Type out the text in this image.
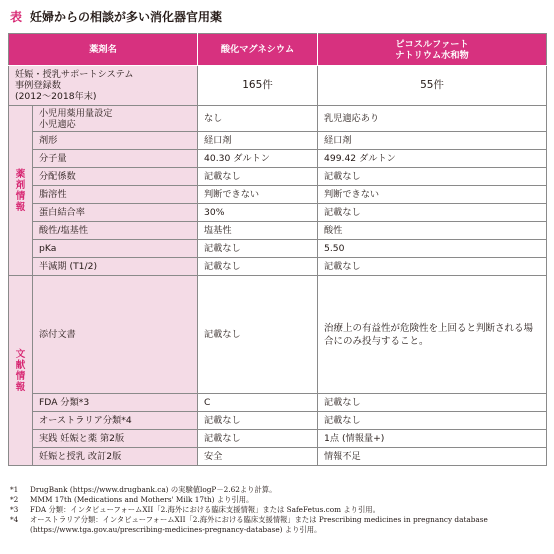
表 妊婦からの相談が多い消化器官用薬
薬剤名		酸化マグネシウム	ピコスルファート
ナトリウム水和物

妊娠・授乳サポートシステム
事例登録数
(2012～2018年末)		165件	55件
薬剤情報	小児用薬用量設定
小児適応	なし	乳児適応あり
	剤形	経口剤	経口剤
	分子量	40.30 ダルトン	499.42 ダルトン
	分配係数	記載なし	記載なし
	脂溶性	判断できない	判断できない
	蛋白結合率	30%	記載なし
	酸性/塩基性	塩基性	酸性
	pKa	記載なし	5.50
	半減期 (T1/2)	記載なし	記載なし
文献情報	添付文書	記載なし	治療上の有益性が危険性を上回ると判断される場合にのみ投与すること。
	FDA 分類*3	C	記載なし
	オーストラリア分類*4	記載なし	記載なし
	実践 妊娠と薬 第2版	記載なし	1点 (情報量+)
	妊娠と授乳 改訂2版	安全	情報不足
*1	DrugBank (https://www.drugbank.ca) の実験値logP－2.62より計算。
*2	MMM 17th (Medications and Mothers' Milk 17th) より引用。
*3	FDA 分類：インタビューフォームXII「2.海外における臨床支援情報」または SafeFetus.com より引用。
*4	オーストラリア分類：インタビューフォームXII「2.海外における臨床支援情報」または Prescribing medicines in pregnancy database (https://www.tga.gov.au/prescribing-medicines-pregnancy-database) より引用。
